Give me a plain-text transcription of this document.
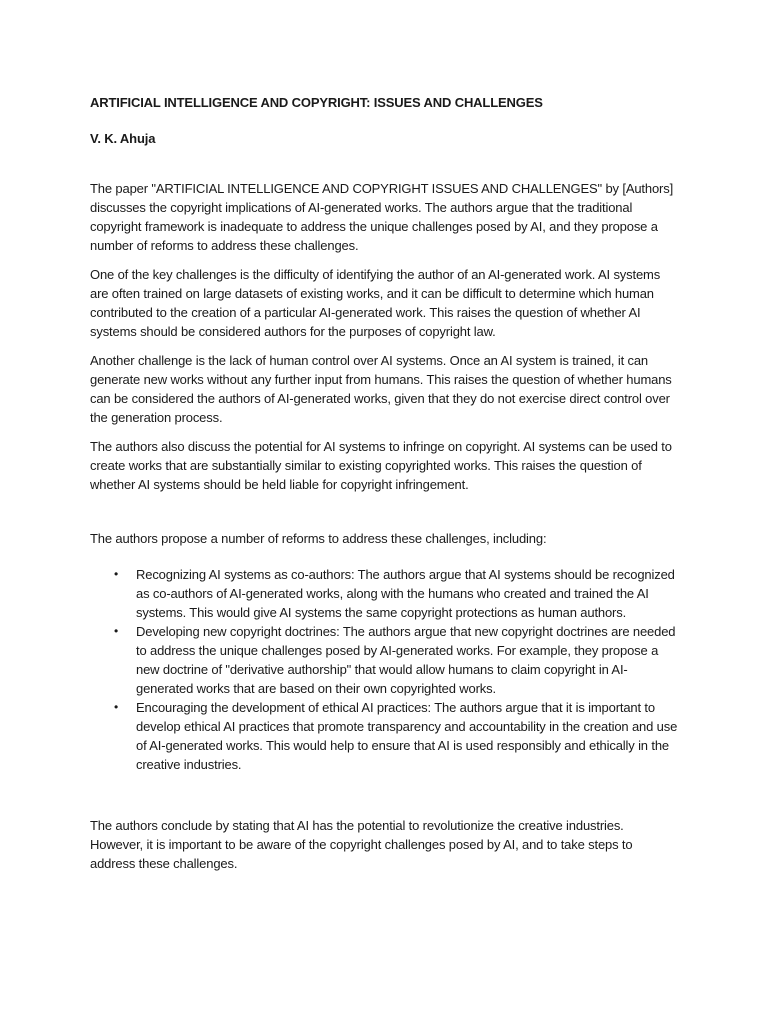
ARTIFICIAL INTELLIGENCE AND COPYRIGHT: ISSUES AND CHALLENGES

V. K. Ahuja

The paper "ARTIFICIAL INTELLIGENCE AND COPYRIGHT ISSUES AND CHALLENGES" by [Authors] discusses the copyright implications of AI-generated works. The authors argue that the traditional copyright framework is inadequate to address the unique challenges posed by AI, and they propose a number of reforms to address these challenges.

One of the key challenges is the difficulty of identifying the author of an AI-generated work. AI systems are often trained on large datasets of existing works, and it can be difficult to determine which human contributed to the creation of a particular AI-generated work. This raises the question of whether AI systems should be considered authors for the purposes of copyright law.

Another challenge is the lack of human control over AI systems. Once an AI system is trained, it can generate new works without any further input from humans. This raises the question of whether humans can be considered the authors of AI-generated works, given that they do not exercise direct control over the generation process.

The authors also discuss the potential for AI systems to infringe on copyright. AI systems can be used to create works that are substantially similar to existing copyrighted works. This raises the question of whether AI systems should be held liable for copyright infringement.

The authors propose a number of reforms to address these challenges, including:

• Recognizing AI systems as co-authors: The authors argue that AI systems should be recognized as co-authors of AI-generated works, along with the humans who created and trained the AI systems. This would give AI systems the same copyright protections as human authors.
• Developing new copyright doctrines: The authors argue that new copyright doctrines are needed to address the unique challenges posed by AI-generated works. For example, they propose a new doctrine of "derivative authorship" that would allow humans to claim copyright in AI-generated works that are based on their own copyrighted works.
• Encouraging the development of ethical AI practices: The authors argue that it is important to develop ethical AI practices that promote transparency and accountability in the creation and use of AI-generated works. This would help to ensure that AI is used responsibly and ethically in the creative industries.

The authors conclude by stating that AI has the potential to revolutionize the creative industries. However, it is important to be aware of the copyright challenges posed by AI, and to take steps to address these challenges.
